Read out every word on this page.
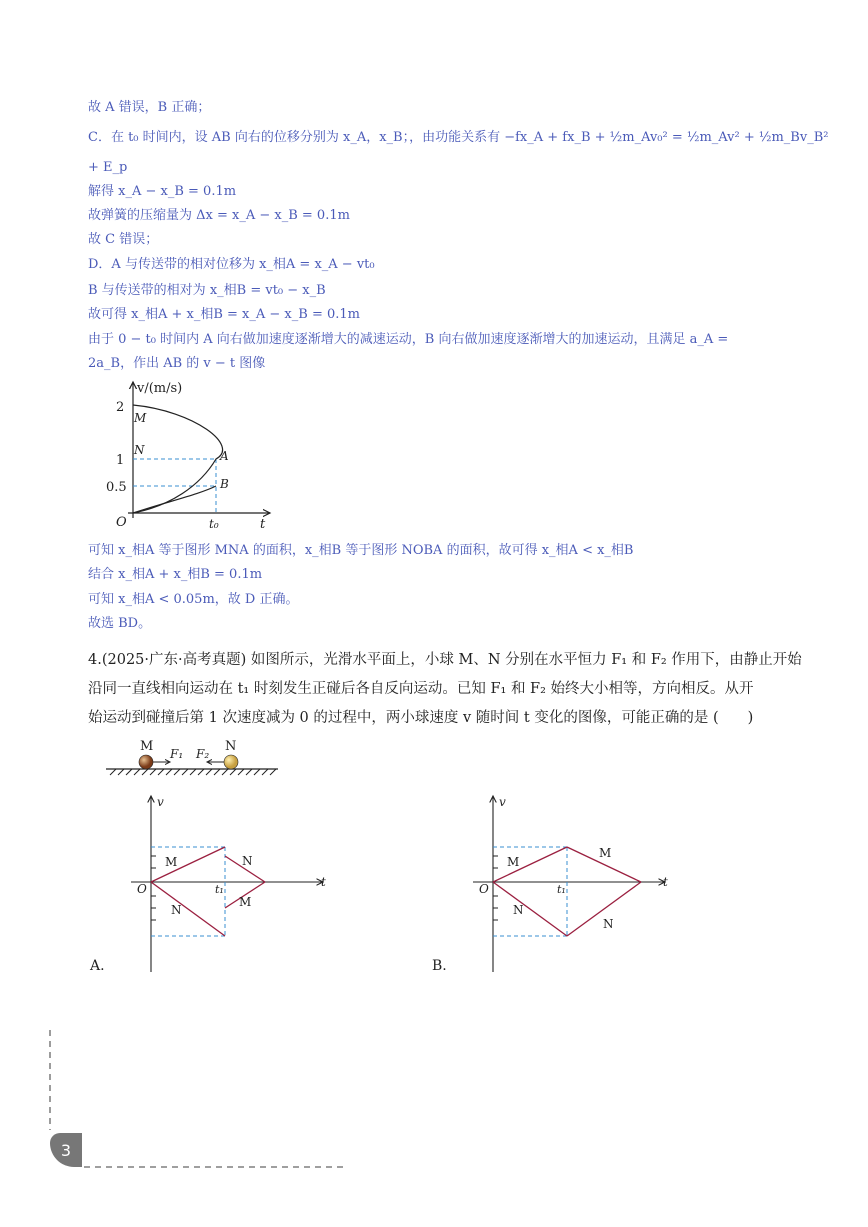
故 A 错误，B 正确；
C．在 t₀ 时间内，设 AB 向右的位移分别为 x_A，x_B；，由功能关系有 −fx_A + fx_B + ½m_Av₀² = ½m_Av² + ½m_Bv_B²
+ E_p
解得 x_A − x_B = 0.1m
故弹簧的压缩量为 Δx = x_A − x_B = 0.1m
故 C 错误；
D．A 与传送带的相对位移为 x_相A = x_A − vt₀
B 与传送带的相对为 x_相B = vt₀ − x_B
故可得 x_相A + x_相B = x_A − x_B = 0.1m
由于 0 − t₀ 时间内 A 向右做加速度逐渐增大的减速运动，B 向右做加速度逐渐增大的加速运动，且满足 a_A =
2a_B，作出 AB 的 v − t 图像
v/(m/s)
2
1
0.5
M
N	A
B
O	t₀	t
可知 x_相A 等于图形 MNA 的面积，x_相B 等于图形 NOBA 的面积，故可得 x_相A < x_相B
结合 x_相A + x_相B = 0.1m
可知 x_相A < 0.05m，故 D 正确。
故选 BD。
4.(2025·广东·高考真题) 如图所示，光滑水平面上，小球 M、N 分别在水平恒力 F₁ 和 F₂ 作用下，由静止开始
沿同一直线相向运动在 t₁ 时刻发生正碰后各自反向运动。已知 F₁ 和 F₂ 始终大小相等，方向相反。从开
始运动到碰撞后第 1 次速度减为 0 的过程中，两小球速度 v 随时间 t 变化的图像，可能正确的是 (　　)
M	N
F₁ F₂
v
t
O	t₁
M
N
N
M
A.
v
t
O	t₁
M
N
M
N
B.
3
